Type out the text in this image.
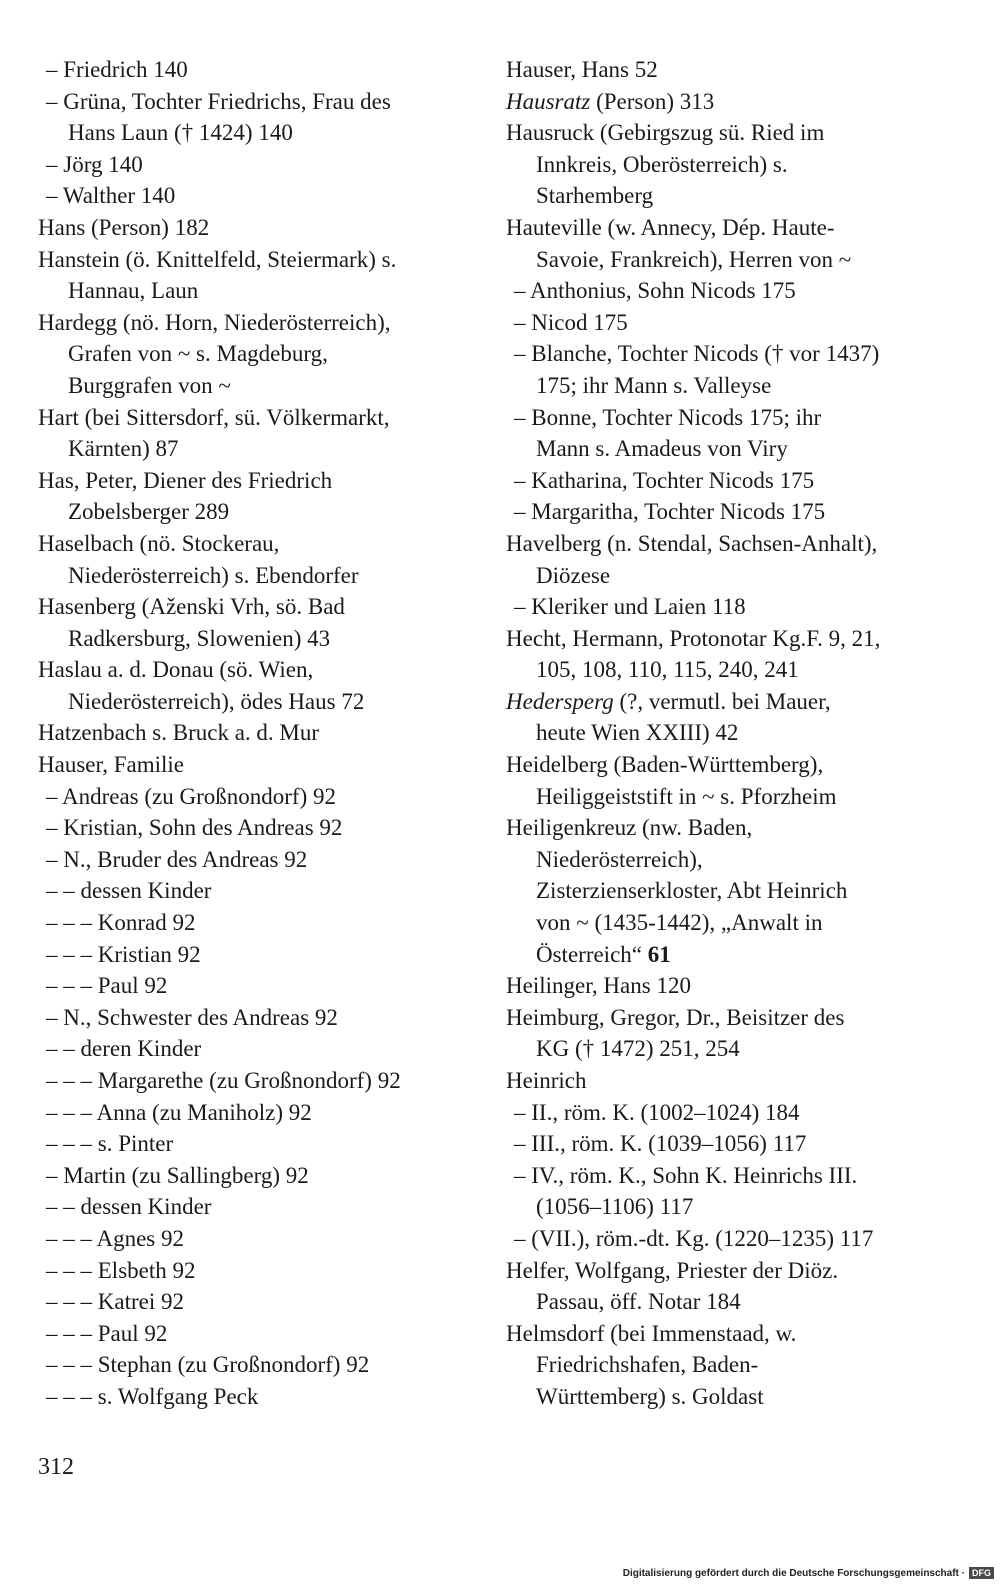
– Friedrich 140
– Grüna, Tochter Friedrichs, Frau des
Hans Laun († 1424) 140
– Jörg 140
– Walther 140
Hans (Person) 182
Hanstein (ö. Knittelfeld, Steiermark) s.
Hannau, Laun
Hardegg (nö. Horn, Niederösterreich),
Grafen von ~ s. Magdeburg,
Burggrafen von ~
Hart (bei Sittersdorf, sü. Völkermarkt,
Kärnten) 87
Has, Peter, Diener des Friedrich
Zobelsberger 289
Haselbach (nö. Stockerau,
Niederösterreich) s. Ebendorfer
Hasenberg (Aženski Vrh, sö. Bad
Radkersburg, Slowenien) 43
Haslau a. d. Donau (sö. Wien,
Niederösterreich), ödes Haus 72
Hatzenbach s. Bruck a. d. Mur
Hauser, Familie
– Andreas (zu Großnondorf) 92
– Kristian, Sohn des Andreas 92
– N., Bruder des Andreas 92
– – dessen Kinder
– – – Konrad 92
– – – Kristian 92
– – – Paul 92
– N., Schwester des Andreas 92
– – deren Kinder
– – – Margarethe (zu Großnondorf) 92
– – – Anna (zu Maniholz) 92
– – – s. Pinter
– Martin (zu Sallingberg) 92
– – dessen Kinder
– – – Agnes 92
– – – Elsbeth 92
– – – Katrei 92
– – – Paul 92
– – – Stephan (zu Großnondorf) 92
– – – s. Wolfgang Peck
Hauser, Hans 52
Hausratz (Person) 313
Hausruck (Gebirgszug sü. Ried im
Innkreis, Oberösterreich) s.
Starhemberg
Hauteville (w. Annecy, Dép. Haute-
Savoie, Frankreich), Herren von ~
– Anthonius, Sohn Nicods 175
– Nicod 175
– Blanche, Tochter Nicods († vor 1437)
175; ihr Mann s. Valleyse
– Bonne, Tochter Nicods 175; ihr
Mann s. Amadeus von Viry
– Katharina, Tochter Nicods 175
– Margaritha, Tochter Nicods 175
Havelberg (n. Stendal, Sachsen-Anhalt),
Diözese
– Kleriker und Laien 118
Hecht, Hermann, Protonotar Kg.F. 9, 21,
105, 108, 110, 115, 240, 241
Hedersperg (?, vermutl. bei Mauer,
heute Wien XXIII) 42
Heidelberg (Baden-Württemberg),
Heiliggeiststift in ~ s. Pforzheim
Heiligenkreuz (nw. Baden,
Niederösterreich),
Zisterzienserkloster, Abt Heinrich
von ~ (1435-1442), „Anwalt in
Österreich“ 61
Heilinger, Hans 120
Heimburg, Gregor, Dr., Beisitzer des
KG († 1472) 251, 254
Heinrich
– II., röm. K. (1002–1024) 184
– III., röm. K. (1039–1056) 117
– IV., röm. K., Sohn K. Heinrichs III.
(1056–1106) 117
– (VII.), röm.-dt. Kg. (1220–1235) 117
Helfer, Wolfgang, Priester der Diöz.
Passau, öff. Notar 184
Helmsdorf (bei Immenstaad, w.
Friedrichshafen, Baden-
Württemberg) s. Goldast
312
Digitalisierung gefördert durch die Deutsche Forschungsgemeinschaft · DFG
